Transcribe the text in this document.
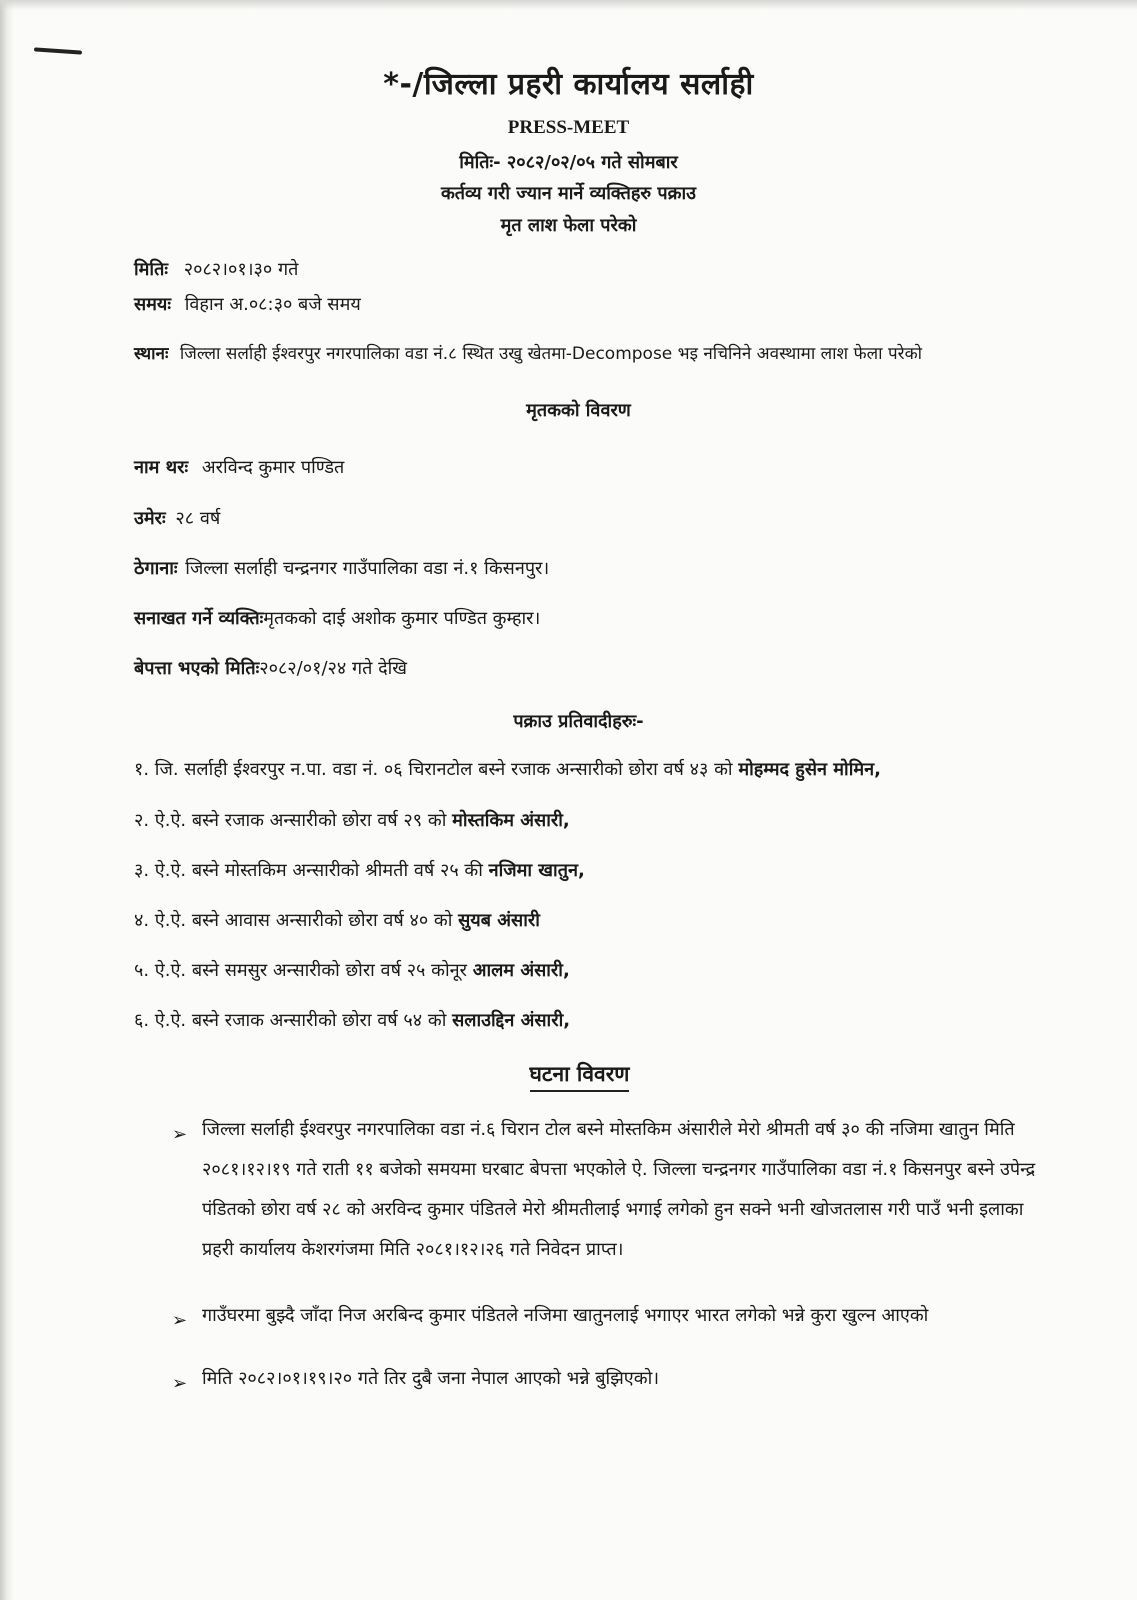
*-/जिल्ला प्रहरी कार्यालय सर्लाही
PRESS-MEET
मितिः- २०८२/०२/०५ गते सोमबार
कर्तव्य गरी ज्यान मार्ने व्यक्तिहरु पक्राउ
मृत लाश फेला परेको
मितिः २०८२।०१।३० गते
समयः विहान अ.०८:३० बजे समय
स्थानः जिल्ला सर्लाही ईश्वरपुर नगरपालिका वडा नं.८ स्थित उखु खेतमा-Decompose भइ नचिनिने अवस्थामा लाश फेला परेको
मृतकको विवरण
नाम थरः अरविन्द कुमार पण्डित
उमेरः २८ वर्ष
ठेगानाः जिल्ला सर्लाही चन्द्रनगर गाउँपालिका वडा नं.१ किसनपुर।
सनाखत गर्ने व्यक्तिःमृतकको दाई अशोक कुमार पण्डित कुम्हार।
बेपत्ता भएको मितिः२०८२/०१/२४ गते देखि
पक्राउ प्रतिवादीहरुः-
१. जि. सर्लाही ईश्वरपुर न.पा. वडा नं. ०६ चिरानटोल बस्ने रजाक अन्सारीको छोरा वर्ष ४३ को मोहम्मद हुसेन मोमिन,
२. ऐ.ऐ. बस्ने रजाक अन्सारीको छोरा वर्ष २९ को मोस्तकिम अंसारी,
३. ऐ.ऐ. बस्ने मोस्तकिम अन्सारीको श्रीमती वर्ष २५ की नजिमा खातुन,
४. ऐ.ऐ. बस्ने आवास अन्सारीको छोरा वर्ष ४० को सुयब अंसारी
५. ऐ.ऐ. बस्ने समसुर अन्सारीको छोरा वर्ष २५ कोनूर आलम अंसारी,
६. ऐ.ऐ. बस्ने रजाक अन्सारीको छोरा वर्ष ५४ को सलाउद्दिन अंसारी,
घटना विवरण
➢ जिल्ला सर्लाही ईश्वरपुर नगरपालिका वडा नं.६ चिरान टोल बस्ने मोस्तकिम अंसारीले मेरो श्रीमती वर्ष ३० की नजिमा खातुन मिति २०८१।१२।१९ गते राती ११ बजेको समयमा घरबाट बेपत्ता भएकोले ऐ. जिल्ला चन्द्रनगर गाउँपालिका वडा नं.१ किसनपुर बस्ने उपेन्द्र पंडितको छोरा वर्ष २८ को अरविन्द कुमार पंडितले मेरो श्रीमतीलाई भगाई लगेको हुन सक्ने भनी खोजतलास गरी पाउँ भनी इलाका प्रहरी कार्यालय केशरगंजमा मिति २०८१।१२।२६ गते निवेदन प्राप्त।
➢ गाउँघरमा बुझ्दै जाँदा निज अरबिन्द कुमार पंडितले नजिमा खातुनलाई भगाएर भारत लगेको भन्ने कुरा खुल्न आएको
➢ मिति २०८२।०१।१९।२० गते तिर दुबै जना नेपाल आएको भन्ने बुझिएको।
